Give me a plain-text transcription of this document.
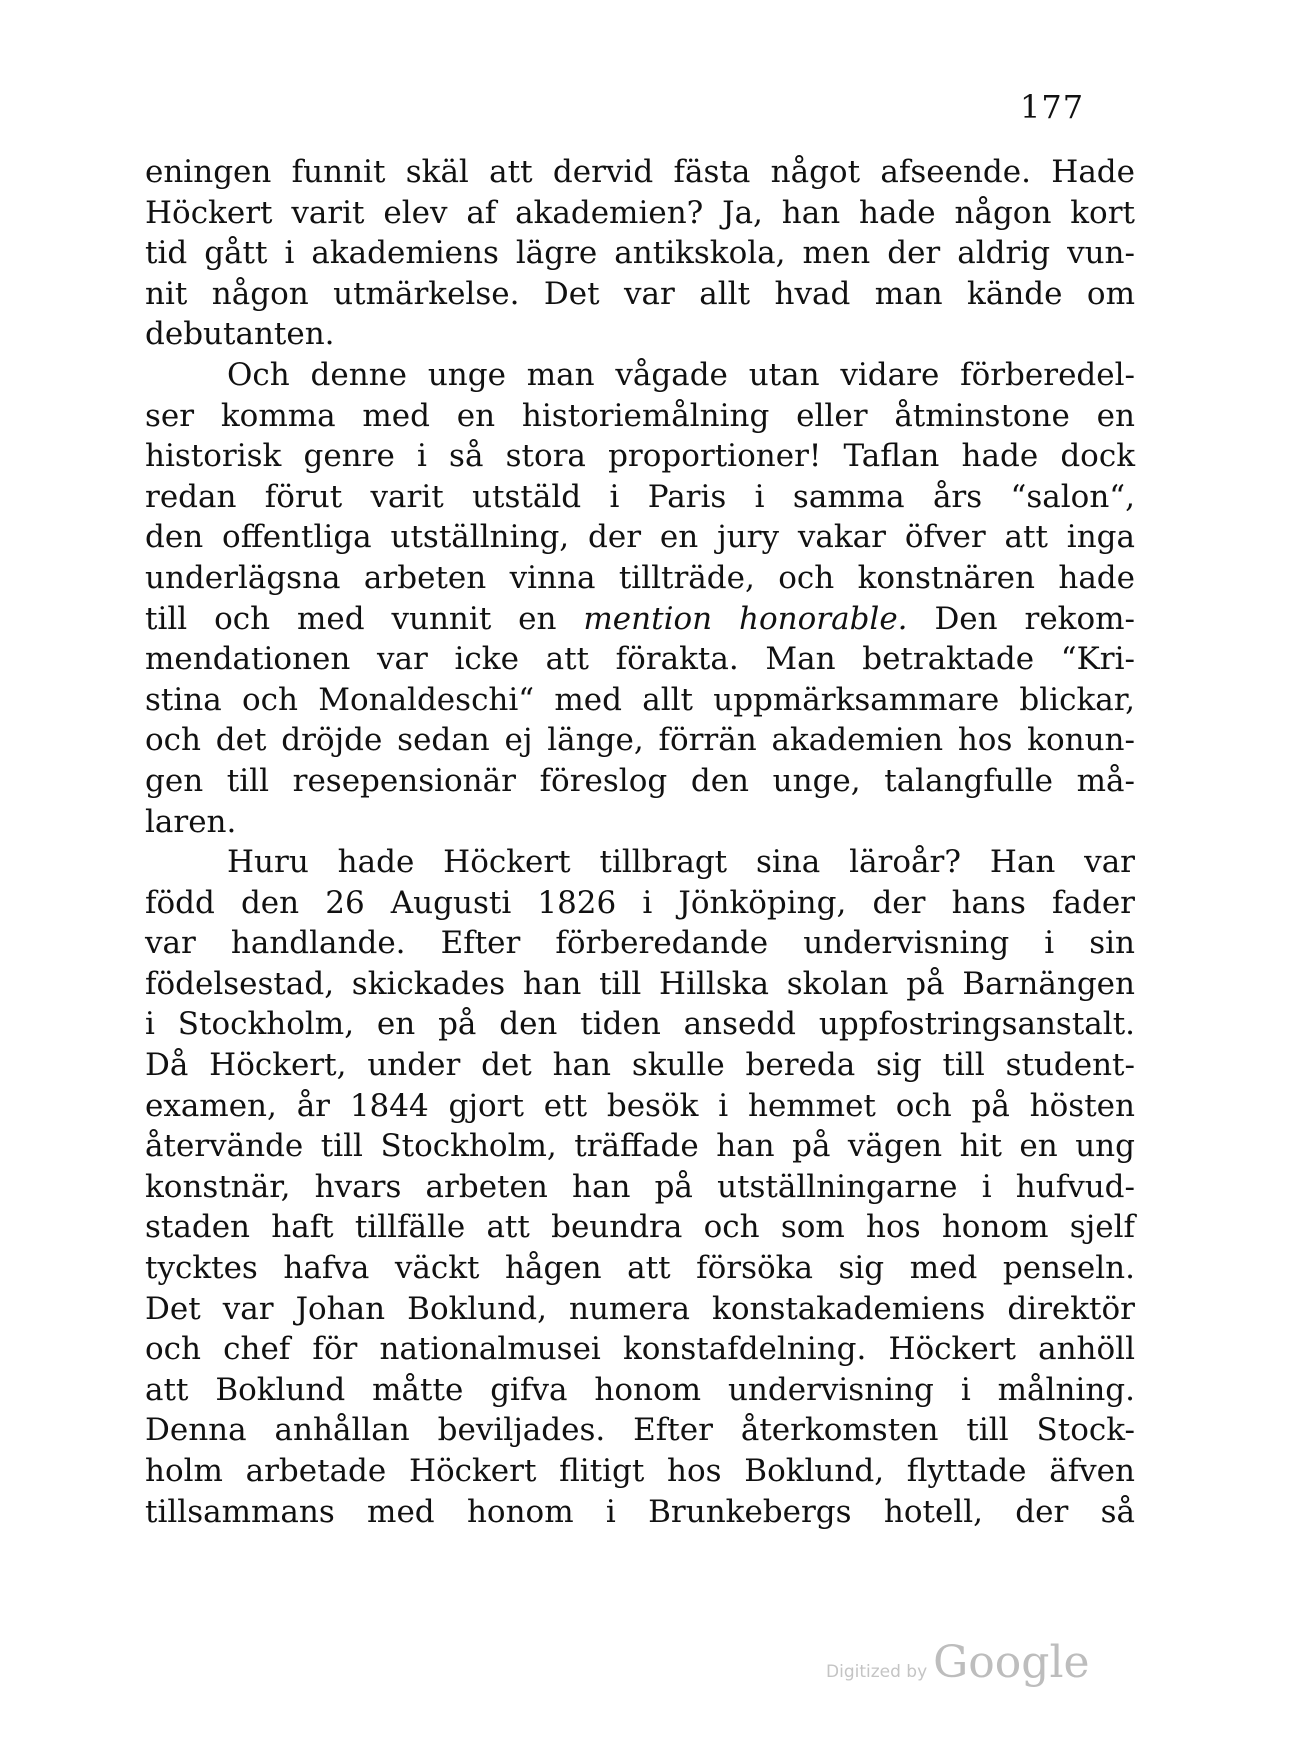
177
eningen funnit skäl att dervid fästa något afseende. Hade
Höckert varit elev af akademien? Ja, han hade någon kort
tid gått i akademiens lägre antikskola, men der aldrig vun-
nit någon utmärkelse. Det var allt hvad man kände om
debutanten.
Och denne unge man vågade utan vidare förberedel-
ser komma med en historiemålning eller åtminstone en
historisk genre i så stora proportioner! Taflan hade dock
redan förut varit utstäld i Paris i samma års “salon“,
den offentliga utställning, der en jury vakar öfver att inga
underlägsna arbeten vinna tillträde, och konstnären hade
till och med vunnit en mention honorable. Den rekom-
mendationen var icke att förakta. Man betraktade “Kri-
stina och Monaldeschi“ med allt uppmärksammare blickar,
och det dröjde sedan ej länge, förrän akademien hos konun-
gen till resepensionär föreslog den unge, talangfulle må-
laren.
Huru hade Höckert tillbragt sina läroår? Han var
född den 26 Augusti 1826 i Jönköping, der hans fader
var handlande. Efter förberedande undervisning i sin
födelsestad, skickades han till Hillska skolan på Barnängen
i Stockholm, en på den tiden ansedd uppfostringsanstalt.
Då Höckert, under det han skulle bereda sig till student-
examen, år 1844 gjort ett besök i hemmet och på hösten
återvände till Stockholm, träffade han på vägen hit en ung
konstnär, hvars arbeten han på utställningarne i hufvud-
staden haft tillfälle att beundra och som hos honom sjelf
tycktes hafva väckt hågen att försöka sig med penseln.
Det var Johan Boklund, numera konstakademiens direktör
och chef för nationalmusei konstafdelning. Höckert anhöll
att Boklund måtte gifva honom undervisning i målning.
Denna anhållan beviljades. Efter återkomsten till Stock-
holm arbetade Höckert flitigt hos Boklund, flyttade äfven
tillsammans med honom i Brunkebergs hotell, der så
Digitized by Google
